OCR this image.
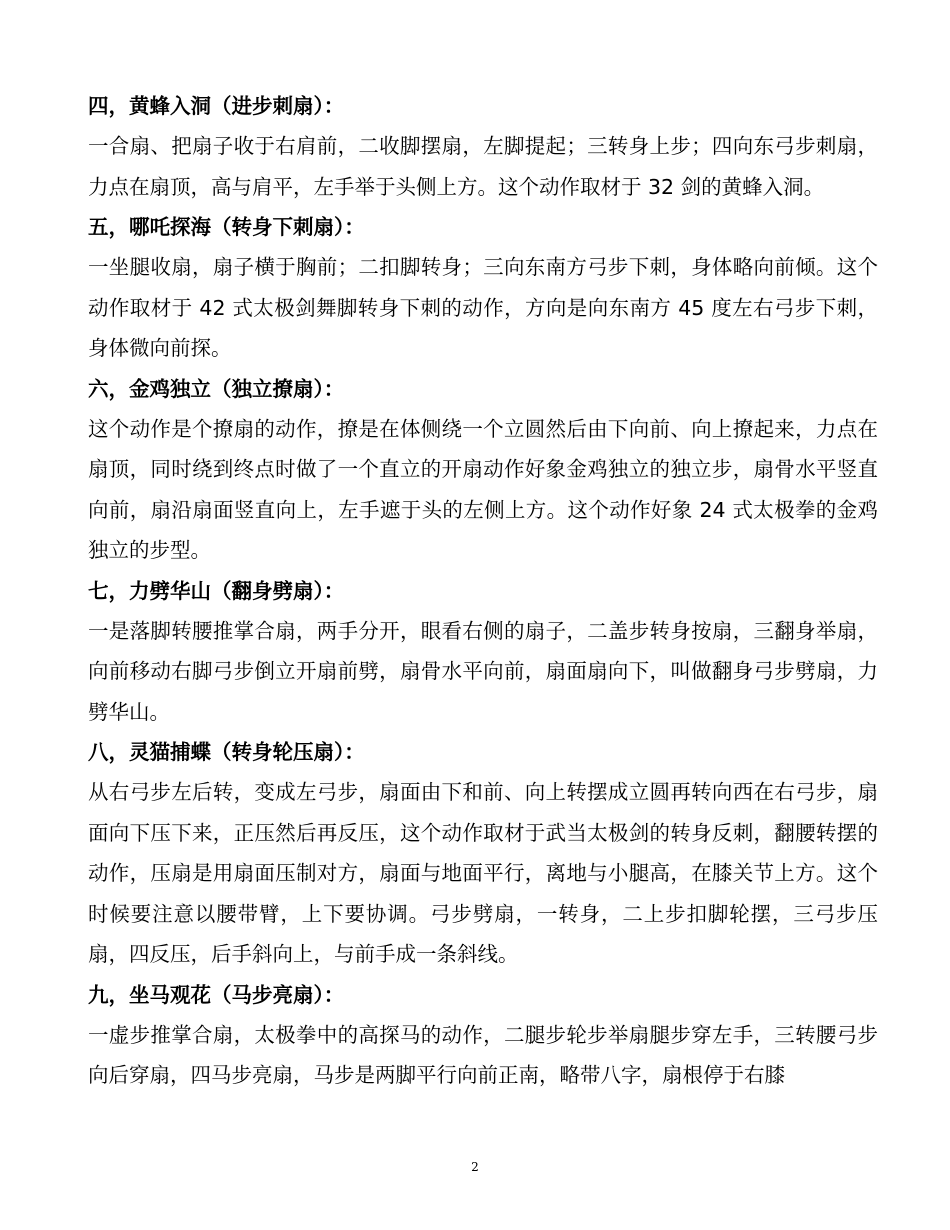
四，黄蜂入洞（进步刺扇）：

一合扇、把扇子收于右肩前，二收脚摆扇，左脚提起；三转身上步；四向东弓步刺扇，力点在扇顶，高与肩平，左手举于头侧上方。这个动作取材于 32 剑的黄蜂入洞。

五，哪吒探海（转身下刺扇）：

一坐腿收扇，扇子横于胸前；二扣脚转身；三向东南方弓步下刺，身体略向前倾。这个动作取材于 42 式太极剑舞脚转身下刺的动作，方向是向东南方 45 度左右弓步下刺，身体微向前探。

六，金鸡独立（独立撩扇）：

这个动作是个撩扇的动作，撩是在体侧绕一个立圆然后由下向前、向上撩起来，力点在扇顶，同时绕到终点时做了一个直立的开扇动作好象金鸡独立的独立步，扇骨水平竖直向前，扇沿扇面竖直向上，左手遮于头的左侧上方。这个动作好象 24 式太极拳的金鸡独立的步型。

七，力劈华山（翻身劈扇）：

一是落脚转腰推掌合扇，两手分开，眼看右侧的扇子，二盖步转身按扇，三翻身举扇，向前移动右脚弓步倒立开扇前劈，扇骨水平向前，扇面扇向下，叫做翻身弓步劈扇，力劈华山。

八，灵猫捕蝶（转身轮压扇）：

从右弓步左后转，变成左弓步，扇面由下和前、向上转摆成立圆再转向西在右弓步，扇面向下压下来，正压然后再反压，这个动作取材于武当太极剑的转身反刺，翻腰转摆的动作，压扇是用扇面压制对方，扇面与地面平行，离地与小腿高，在膝关节上方。这个时候要注意以腰带臂，上下要协调。弓步劈扇，一转身，二上步扣脚轮摆，三弓步压扇，四反压，后手斜向上，与前手成一条斜线。

九，坐马观花（马步亮扇）：

一虚步推掌合扇，太极拳中的高探马的动作，二腿步轮步举扇腿步穿左手，三转腰弓步向后穿扇，四马步亮扇，马步是两脚平行向前正南，略带八字，扇根停于右膝

2
